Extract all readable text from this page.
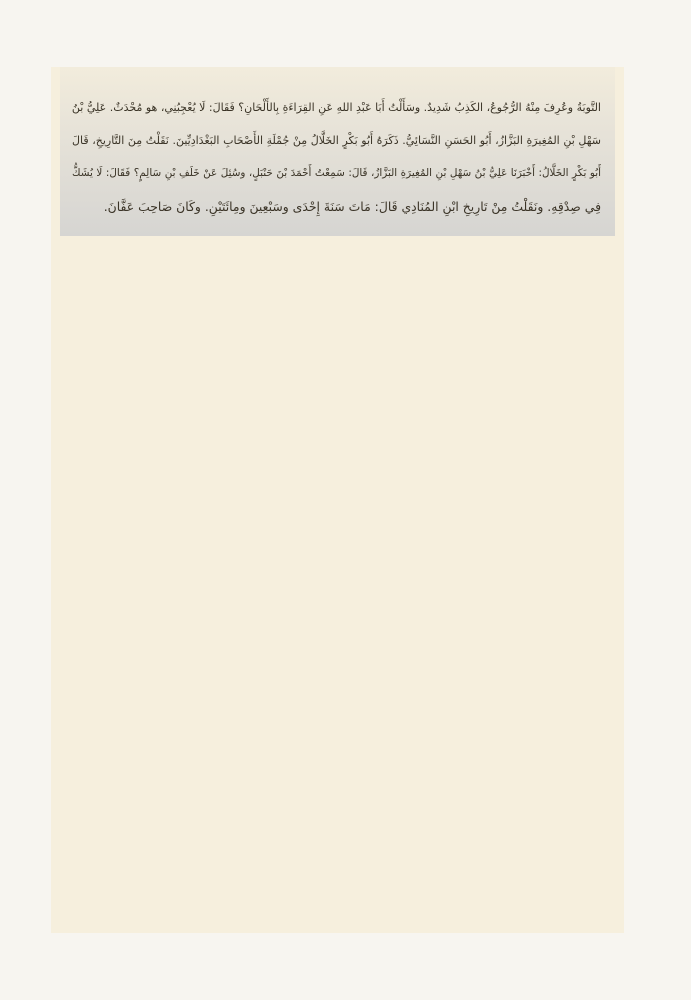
التَّوبَةُ وعُرِفَ مِنْهُ الرُّجُوعُ، الكَذِبُ شَدِيدٌ. وسَأَلْتُ أَبَا عَبْدِ اللهِ عَنِ القِرَاءَةِ بِالأَلْحَانِ؟ فَقَالَ: لَا يُعْجِبُنِي، هو مُحْدَثٌ. عَلِيُّ بْنُ
سَهْلِ بْنِ المُغِيرَةِ البَزَّازُ، أَبُو الحَسَنِ النَّسَائِيُّ. ذَكَرَهُ أَبُو بَكْرٍ الخَلَّالُ مِنْ جُمْلَةِ الأَصْحَابِ البَغْدَادِيِّينَ. نَقَلْتُ مِنَ التَّارِيخِ، قَالَ
أَبُو بَكْرٍ الخَلَّالُ: أَخْبَرَنَا عَلِيُّ بْنُ سَهْلِ بْنِ المُغِيرَةِ البَزَّازُ، قَالَ: سَمِعْتُ أَحْمَدَ بْنَ حَنْبَلٍ، وسُئِلَ عَنْ خَلَفِ بْنِ سَالِمٍ؟ فَقَالَ: لَا يُشَكُّ
فِي صِدْقِهِ. ونَقَلْتُ مِنْ تَارِيخِ ابْنِ المُنَادِي قَالَ: مَاتَ سَنَةَ إِحْدَى وسَبْعِينَ ومِائَتَيْنِ. وكَانَ صَاحِبَ عَفَّانَ.
